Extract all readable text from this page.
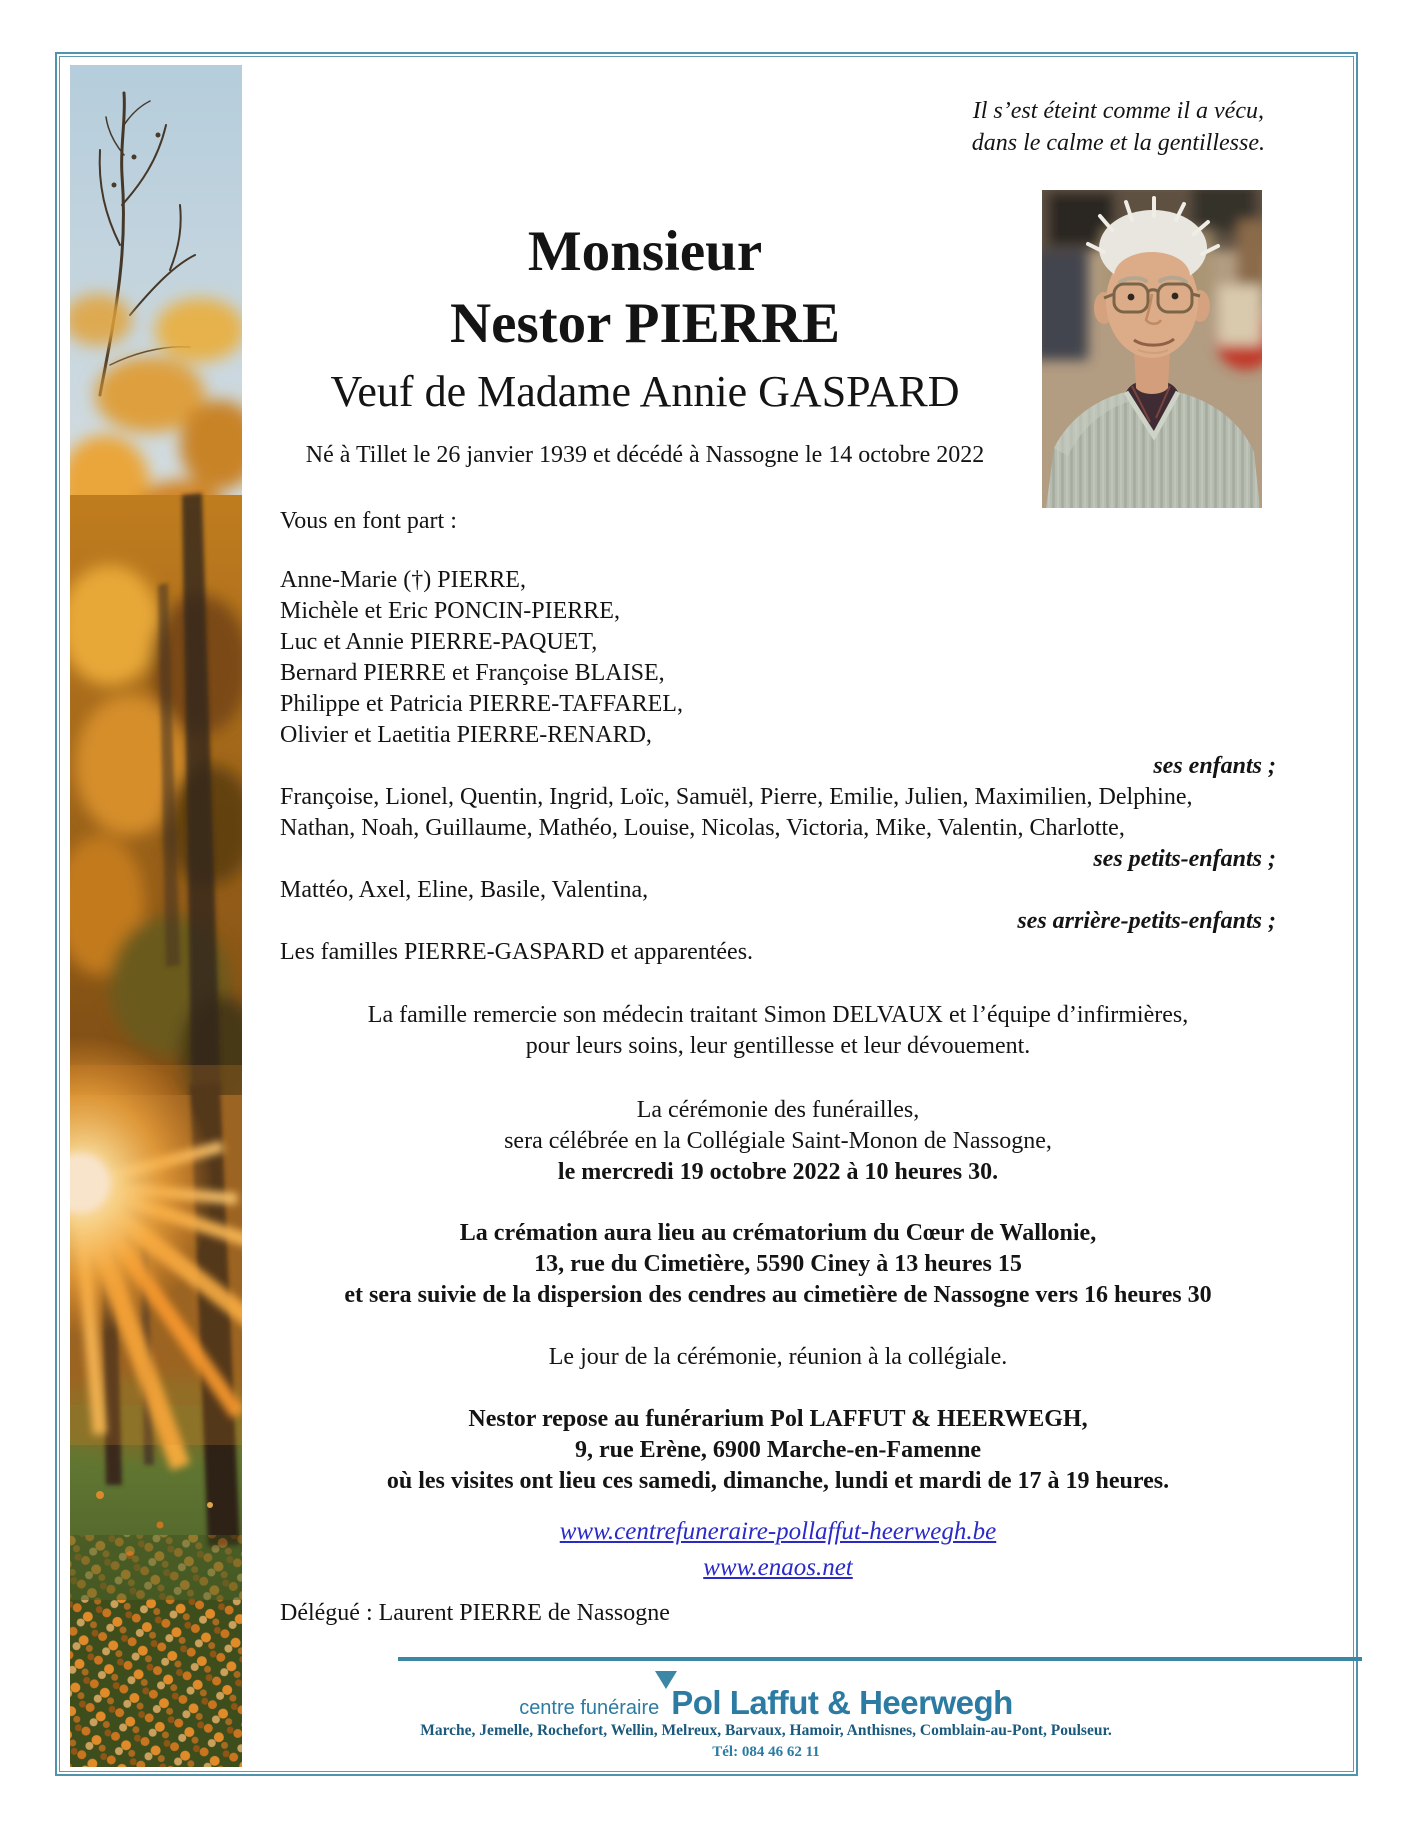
Il s’est éteint comme il a vécu,
dans le calme et la gentillesse.
Monsieur
Nestor PIERRE
Veuf de Madame Annie GASPARD
Né à Tillet le 26 janvier 1939 et décédé à Nassogne le 14 octobre 2022
Vous en font part :
Anne-Marie (†) PIERRE,
Michèle et Eric PONCIN-PIERRE,
Luc et Annie PIERRE-PAQUET,
Bernard PIERRE et Françoise BLAISE,
Philippe et Patricia PIERRE-TAFFAREL,
Olivier et Laetitia PIERRE-RENARD,
ses enfants ;
Françoise, Lionel, Quentin, Ingrid, Loïc, Samuël, Pierre, Emilie, Julien, Maximilien, Delphine,
Nathan, Noah, Guillaume, Mathéo, Louise, Nicolas, Victoria, Mike, Valentin, Charlotte,
ses petits-enfants ;
Mattéo, Axel, Eline, Basile, Valentina,
ses arrière-petits-enfants ;
Les familles PIERRE-GASPARD et apparentées.
La famille remercie son médecin traitant Simon DELVAUX et l’équipe d’infirmières,
pour leurs soins, leur gentillesse et leur dévouement.
La cérémonie des funérailles,
sera célébrée en la Collégiale Saint-Monon de Nassogne,
le mercredi 19 octobre 2022 à 10 heures 30.
La crémation aura lieu au crématorium du Cœur de Wallonie,
13, rue du Cimetière, 5590 Ciney à 13 heures 15
et sera suivie de la dispersion des cendres au cimetière de Nassogne vers 16 heures 30
Le jour de la cérémonie, réunion à la collégiale.
Nestor repose au funérarium Pol LAFFUT & HEERWEGH,
9, rue Erène, 6900 Marche-en-Famenne
où les visites ont lieu ces samedi, dimanche, lundi et mardi de 17 à 19 heures.
www.centrefuneraire-pollaffut-heerwegh.be
www.enaos.net
Délégué : Laurent PIERRE de Nassogne
centre funéraire Pol Laffut & Heerwegh
Marche, Jemelle, Rochefort, Wellin, Melreux, Barvaux, Hamoir, Anthisnes, Comblain-au-Pont, Poulseur.
Tél: 084 46 62 11
